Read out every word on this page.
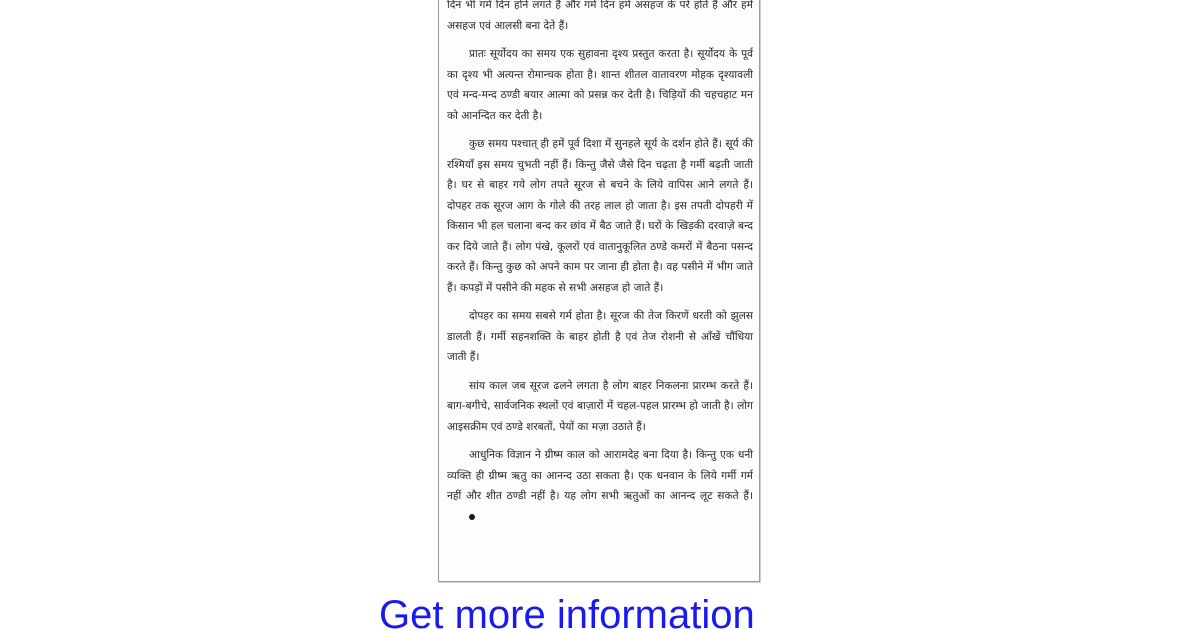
दिन भी गर्म दिन होने लगते हैं और गर्म दिन हमें असहज के परे होते हैं और हमें असहज एवं आलसी बना देते हैं।

प्रातः सूर्योदय का समय एक सुहावना दृश्य प्रस्तुत करता है। सूर्योदय के पूर्व का दृश्य भी अत्यन्त रोमान्चक होता है। शान्त शीतल वातावरण मोहक दृश्यावली एवं मन्द-मन्द ठण्डी बयार आत्मा को प्रसन्न कर देती है। चिड़ियों की चहचहाट मन को आनन्दित कर देती है।

कुछ समय पश्चात् ही हमें पूर्व दिशा में सुनहले सूर्य के दर्शन होते हैं। सूर्य की रश्मियाँ इस समय चुभती नहीं हैं। किन्तु जैसे जैसे दिन चढ़ता है गर्मी बढ़ती जाती है। घर से बाहर गये लोग तपते सूरज से बचने के लिये वापिस आने लगते हैं। दोपहर तक सूरज आग के गोले की तरह लाल हो जाता है। इस तपती दोपहरी में किसान भी हल चलाना बन्द कर छांव में बैठ जाते हैं। घरों के खिड़की दरवाज़े बन्द कर दिये जाते हैं। लोग पंखे, कूलरों एवं वातानुकूलित ठण्डे कमरों में बैठना पसन्द करते हैं। किन्तु कुछ को अपने काम पर जाना ही होता है। वह पसीने में भीग जाते हैं। कपड़ों में पसीने की महक से सभी असहज हो जाते हैं।

दोपहर का समय सबसे गर्म होता है। सूरज की तेज किरणें धरती को झुलस डालती हैं। गर्मी सहनशक्ति के बाहर होती है एवं तेज रोशनी से आँखें चौंधिया जाती हैं।

सांय काल जब सूरज ढलने लगता है लोग बाहर निकलना प्रारम्भ करते हैं। बाग-बगीचे, सार्वजनिक स्थलों एवं बाज़ारों में चहल-पहल प्रारम्भ हो जाती है। लोग आइसक्रीम एवं ठण्डे शरबतों, पेयों का मज़ा उठाते हैं।

आधुनिक विज्ञान ने ग्रीष्म काल को आरामदेह बना दिया है। किन्तु एक धनी व्यक्ति ही ग्रीष्म ऋतु का आनन्द उठा सकता है। एक धनवान के लिये गर्मी गर्म नहीं और शीत ठण्डी नहीं है। यह लोग सभी ऋतुओं का आनन्द लूट सकते हैं।

Get more information
